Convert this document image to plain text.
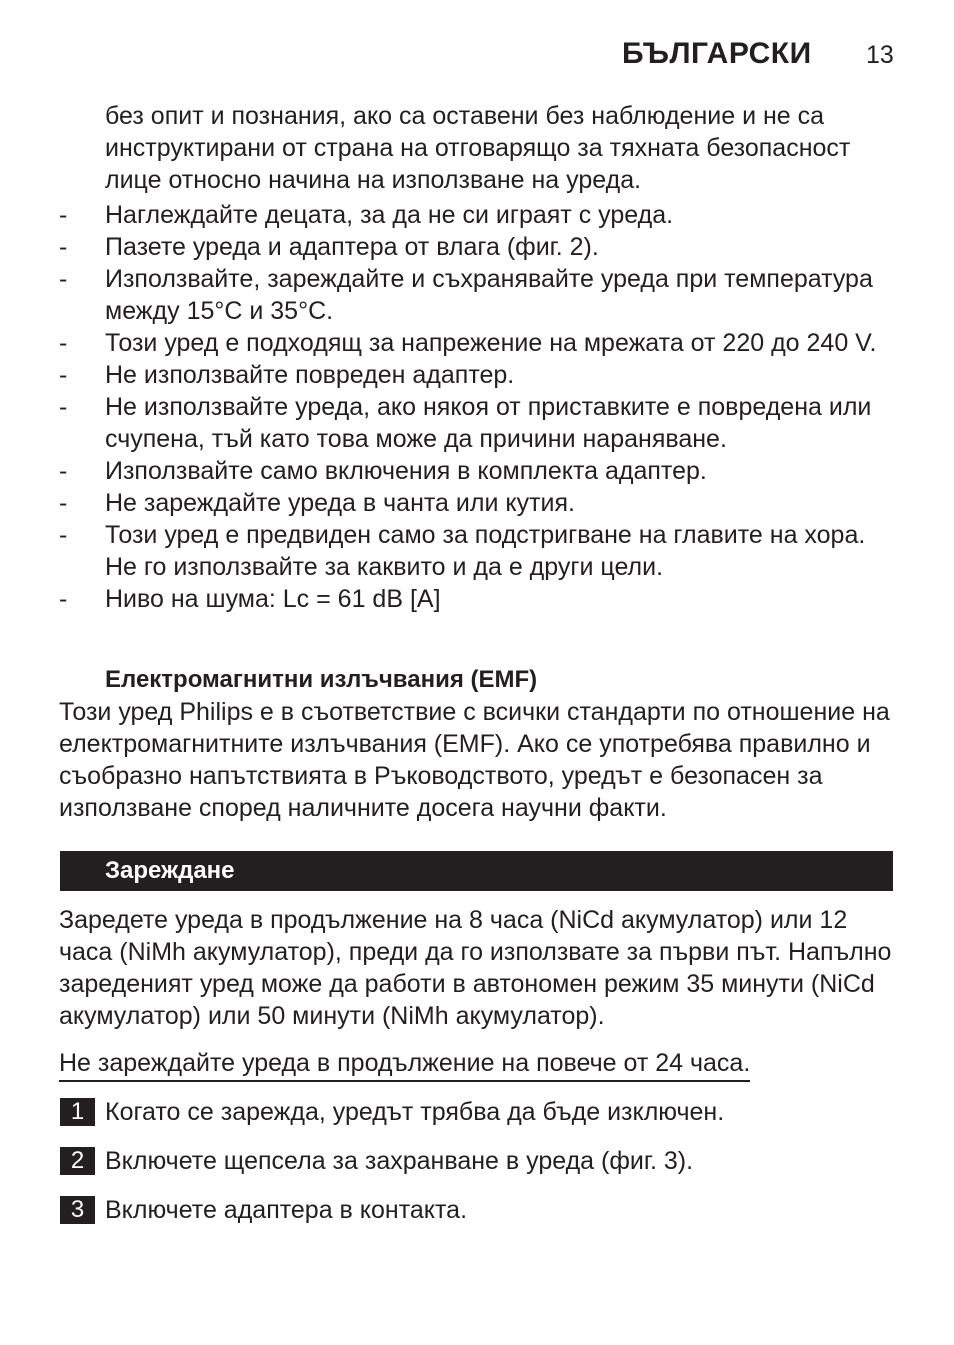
БЪЛГАРСКИ 13

без опит и познания, ако са оставени без наблюдение и не са инструктирани от страна на отговарящо за тяхната безопасност лице относно начина на използване на уреда.

- Наглеждайте децата, за да не си играят с уреда.
- Пазете уреда и адаптера от влага (фиг. 2).
- Използвайте, зареждайте и съхранявайте уреда при температура между 15°C и 35°C.
- Този уред е подходящ за напрежение на мрежата от 220 до 240 V.
- Не използвайте повреден адаптер.
- Не използвайте уреда, ако някоя от приставките е повредена или счупена, тъй като това може да причини нараняване.
- Използвайте само включения в комплекта адаптер.
- Не зареждайте уреда в чанта или кутия.
- Този уред е предвиден само за подстригване на главите на хора. Не го използвайте за каквито и да е други цели.
- Ниво на шума: Lc = 61 dB [A]
Електромагнитни излъчвания (EMF)

Този уред Philips е в съответствие с всички стандарти по отношение на електромагнитните излъчвания (EMF). Ако се употребява правилно и съобразно напътствията в Ръководството, уредът е безопасен за използване според наличните досега научни факти.

Зареждане

Заредете уреда в продължение на 8 часа (NiCd акумулатор) или 12 часа (NiMh акумулатор), преди да го използвате за първи път. Напълно зареденият уред може да работи в автономен режим 35 минути (NiCd акумулатор) или 50 минути (NiMh акумулатор).

Не зареждайте уреда в продължение на повече от 24 часа.
1 Когато се зарежда, уредът трябва да бъде изключен.
2 Включете щепсела за захранване в уреда (фиг. 3).
3 Включете адаптера в контакта.
